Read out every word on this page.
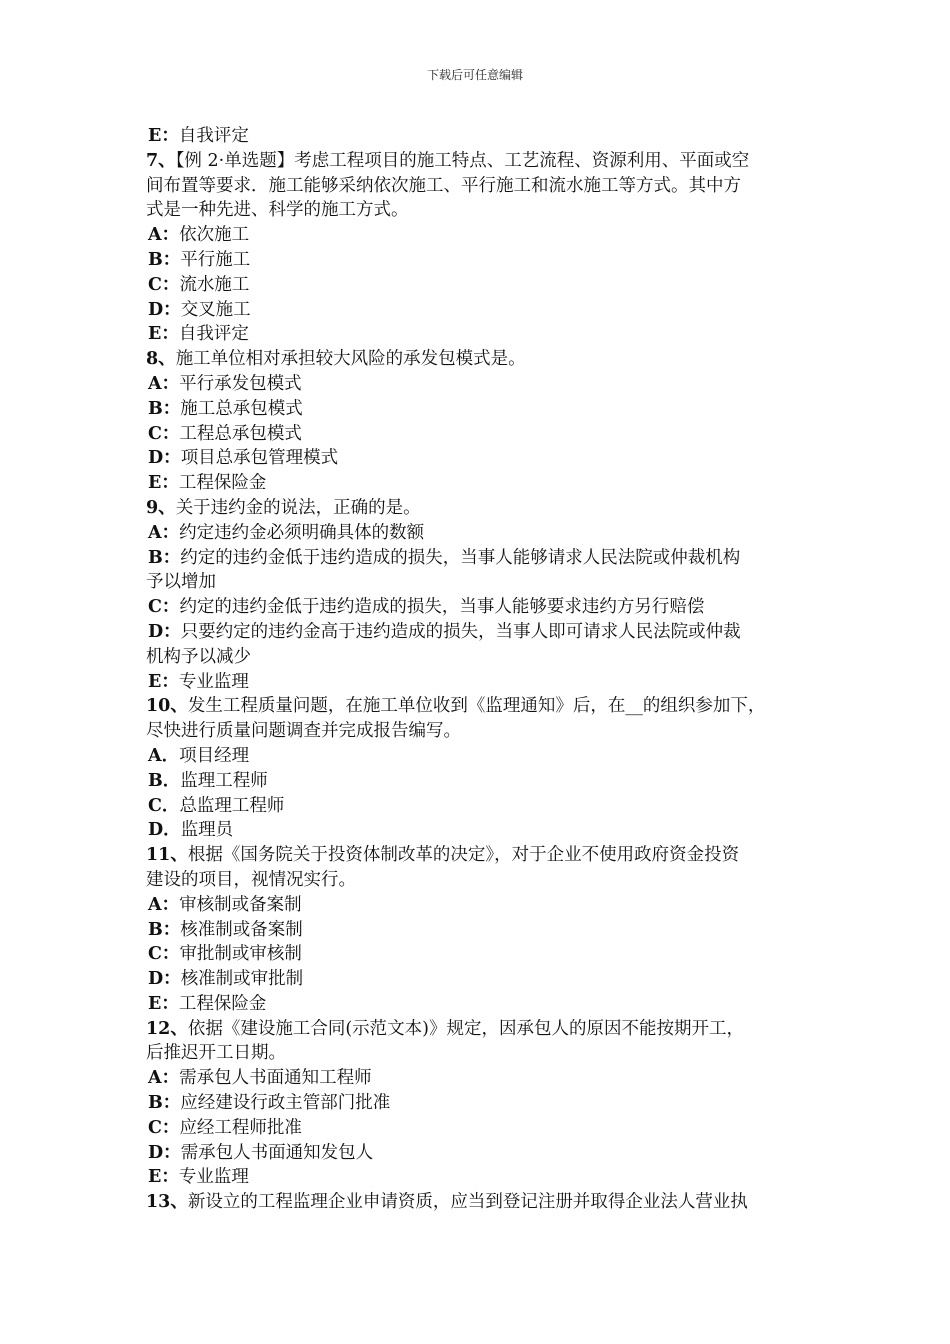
下载后可任意编辑
E：自我评定
7、【例 2·单选题】考虑工程项目的施工特点、工艺流程、资源利用、平面或空
间布置等要求．施工能够采纳依次施工、平行施工和流水施工等方式。其中方
式是一种先进、科学的施工方式。
A：依次施工
B：平行施工
C：流水施工
D：交叉施工
E：自我评定
8、施工单位相对承担较大风险的承发包模式是。
A：平行承发包模式
B：施工总承包模式
C：工程总承包模式
D：项目总承包管理模式
E：工程保险金
9、关于违约金的说法，正确的是。
A：约定违约金必须明确具体的数额
B：约定的违约金低于违约造成的损失，当事人能够请求人民法院或仲裁机构
予以增加
C：约定的违约金低于违约造成的损失，当事人能够要求违约方另行赔偿
D：只要约定的违约金高于违约造成的损失，当事人即可请求人民法院或仲裁
机构予以减少
E：专业监理
10、发生工程质量问题，在施工单位收到《监理通知》后，在__的组织参加下，
尽快进行质量问题调查并完成报告编写。
A．项目经理
B．监理工程师
C．总监理工程师
D．监理员
11、根据《国务院关于投资体制改革的决定》，对于企业不使用政府资金投资
建设的项目，视情况实行。
A：审核制或备案制
B：核准制或备案制
C：审批制或审核制
D：核准制或审批制
E：工程保险金
12、依据《建设施工合同(示范文本)》规定，因承包人的原因不能按期开工，
后推迟开工日期。
A：需承包人书面通知工程师
B：应经建设行政主管部门批准
C：应经工程师批准
D：需承包人书面通知发包人
E：专业监理
13、新设立的工程监理企业申请资质，应当到登记注册并取得企业法人营业执
